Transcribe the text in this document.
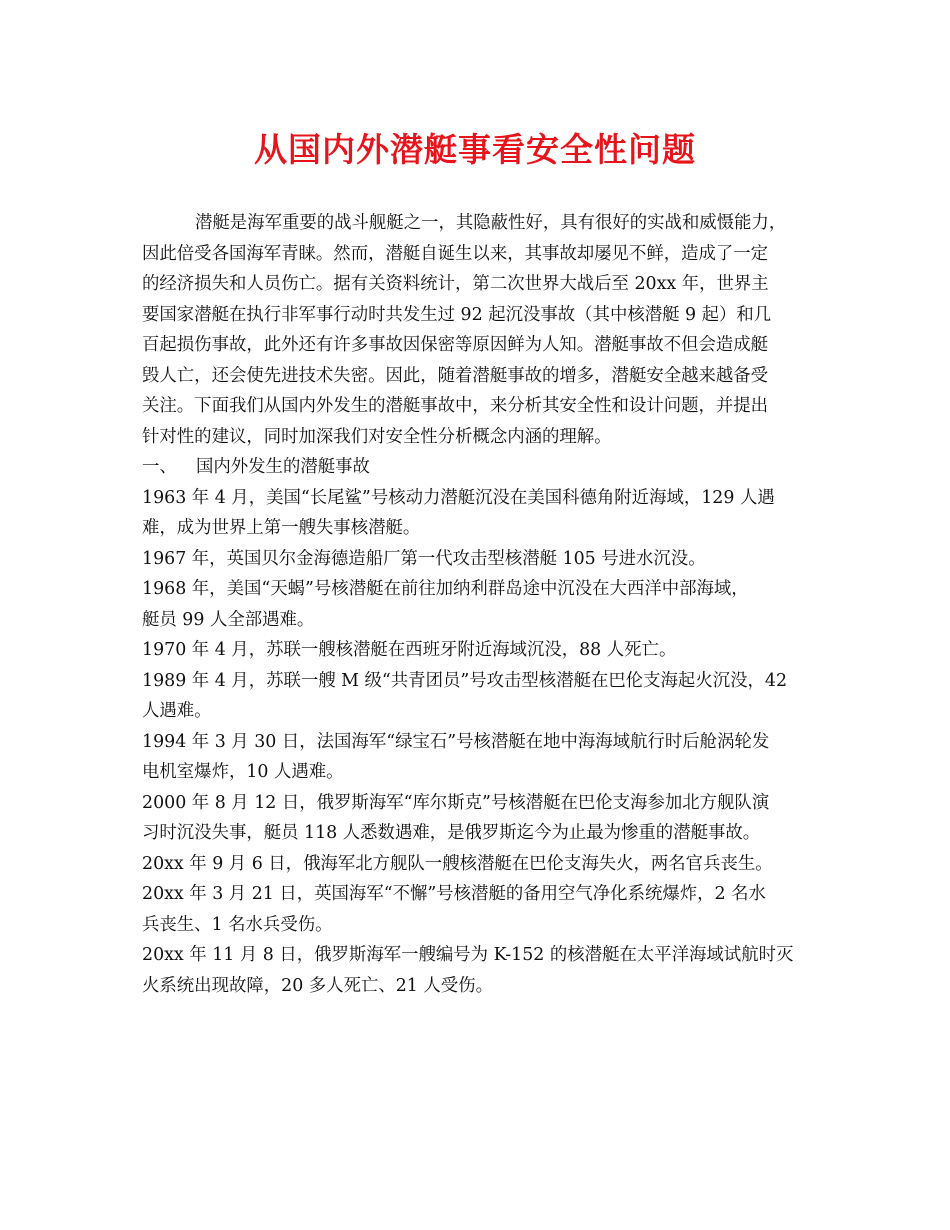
从国内外潜艇事看安全性问题
潜艇是海军重要的战斗舰艇之一，其隐蔽性好，具有很好的实战和威慑能力，
因此倍受各国海军青睐。然而，潜艇自诞生以来，其事故却屡见不鲜，造成了一定
的经济损失和人员伤亡。据有关资料统计，第二次世界大战后至 20xx 年，世界主
要国家潜艇在执行非军事行动时共发生过 92 起沉没事故（其中核潜艇 9 起）和几
百起损伤事故，此外还有许多事故因保密等原因鲜为人知。潜艇事故不但会造成艇
毁人亡，还会使先进技术失密。因此，随着潜艇事故的增多，潜艇安全越来越备受
关注。下面我们从国内外发生的潜艇事故中，来分析其安全性和设计问题，并提出
针对性的建议，同时加深我们对安全性分析概念内涵的理解。
一、 国内外发生的潜艇事故
1963 年 4 月，美国“长尾鲨”号核动力潜艇沉没在美国科德角附近海域，129 人遇
难，成为世界上第一艘失事核潜艇。
1967 年，英国贝尔金海德造船厂第一代攻击型核潜艇 105 号进水沉没。
1968 年，美国“天蝎”号核潜艇在前往加纳利群岛途中沉没在大西洋中部海域，
艇员 99 人全部遇难。
1970 年 4 月，苏联一艘核潜艇在西班牙附近海域沉没，88 人死亡。
1989 年 4 月，苏联一艘 M 级“共青团员”号攻击型核潜艇在巴伦支海起火沉没，42
人遇难。
1994 年 3 月 30 日，法国海军“绿宝石”号核潜艇在地中海海域航行时后舱涡轮发
电机室爆炸，10 人遇难。
2000 年 8 月 12 日，俄罗斯海军“库尔斯克”号核潜艇在巴伦支海参加北方舰队演
习时沉没失事，艇员 118 人悉数遇难，是俄罗斯迄今为止最为惨重的潜艇事故。
20xx 年 9 月 6 日，俄海军北方舰队一艘核潜艇在巴伦支海失火，两名官兵丧生。
20xx 年 3 月 21 日，英国海军“不懈”号核潜艇的备用空气净化系统爆炸，2 名水
兵丧生、1 名水兵受伤。
20xx 年 11 月 8 日，俄罗斯海军一艘编号为 K-152 的核潜艇在太平洋海域试航时灭
火系统出现故障，20 多人死亡、21 人受伤。
